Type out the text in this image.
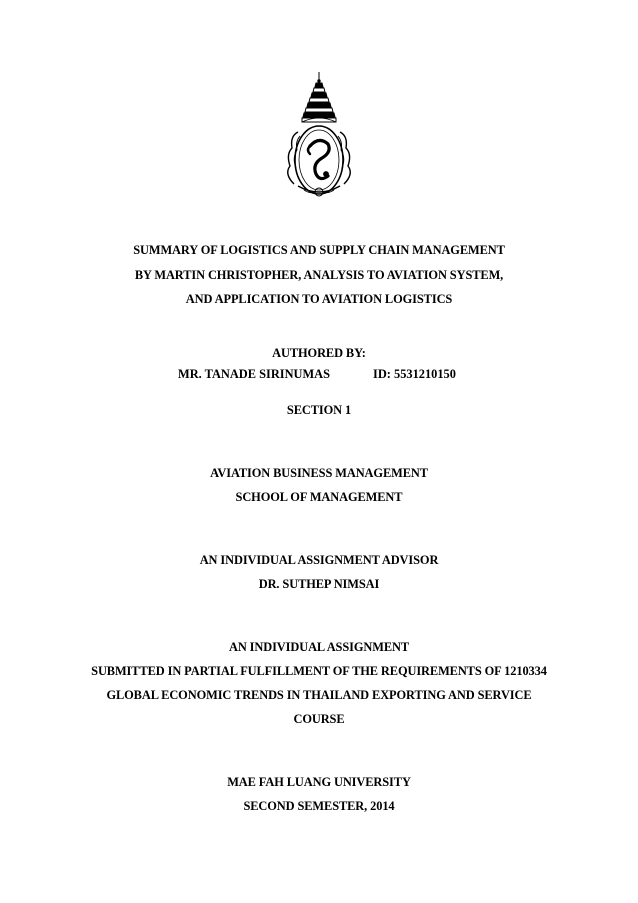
SUMMARY OF LOGISTICS AND SUPPLY CHAIN MANAGEMENT
BY MARTIN CHRISTOPHER, ANALYSIS TO AVIATION SYSTEM,
AND APPLICATION TO AVIATION LOGISTICS
AUTHORED BY:
MR. TANADE SIRINUMAS	ID: 5531210150
SECTION 1
AVIATION BUSINESS MANAGEMENT
SCHOOL OF MANAGEMENT
AN INDIVIDUAL ASSIGNMENT ADVISOR
DR. SUTHEP NIMSAI
AN INDIVIDUAL ASSIGNMENT
SUBMITTED IN PARTIAL FULFILLMENT OF THE REQUIREMENTS OF 1210334
GLOBAL ECONOMIC TRENDS IN THAILAND EXPORTING AND SERVICE
COURSE
MAE FAH LUANG UNIVERSITY
SECOND SEMESTER, 2014
